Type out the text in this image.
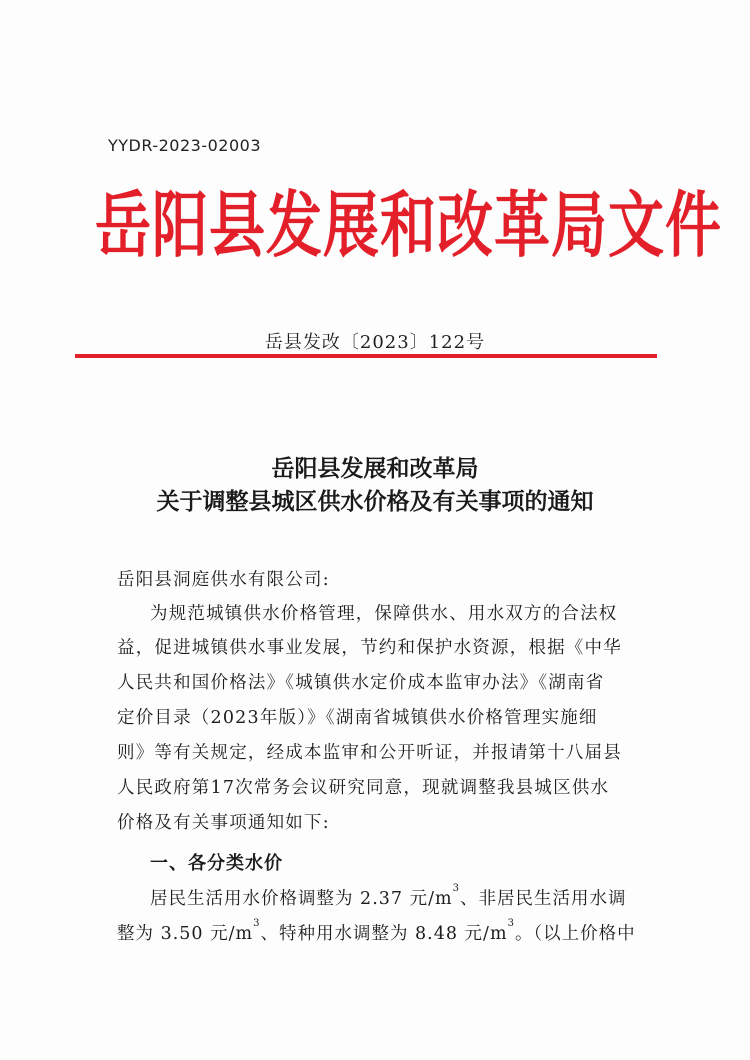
YYDR-2023-02003
岳阳县发展和改革局文件
岳县发改〔2023〕122号
岳阳县发展和改革局
关于调整县城区供水价格及有关事项的通知
岳阳县洞庭供水有限公司:
为规范城镇供水价格管理，保障供水、用水双方的合法权
益，促进城镇供水事业发展，节约和保护水资源，根据《中华
人民共和国价格法》《城镇供水定价成本监审办法》《湖南省
定价目录（2023年版）》《湖南省城镇供水价格管理实施细
则》等有关规定，经成本监审和公开听证，并报请第十八届县
人民政府第17次常务会议研究同意，现就调整我县城区供水
价格及有关事项通知如下:
一、各分类水价
居民生活用水价格调整为 2.37 元$/m^3$、非居民生活用水调
整为 3.50 元$/m^3$、特种用水调整为 8.48 元$/m^3$。（以上价格中
